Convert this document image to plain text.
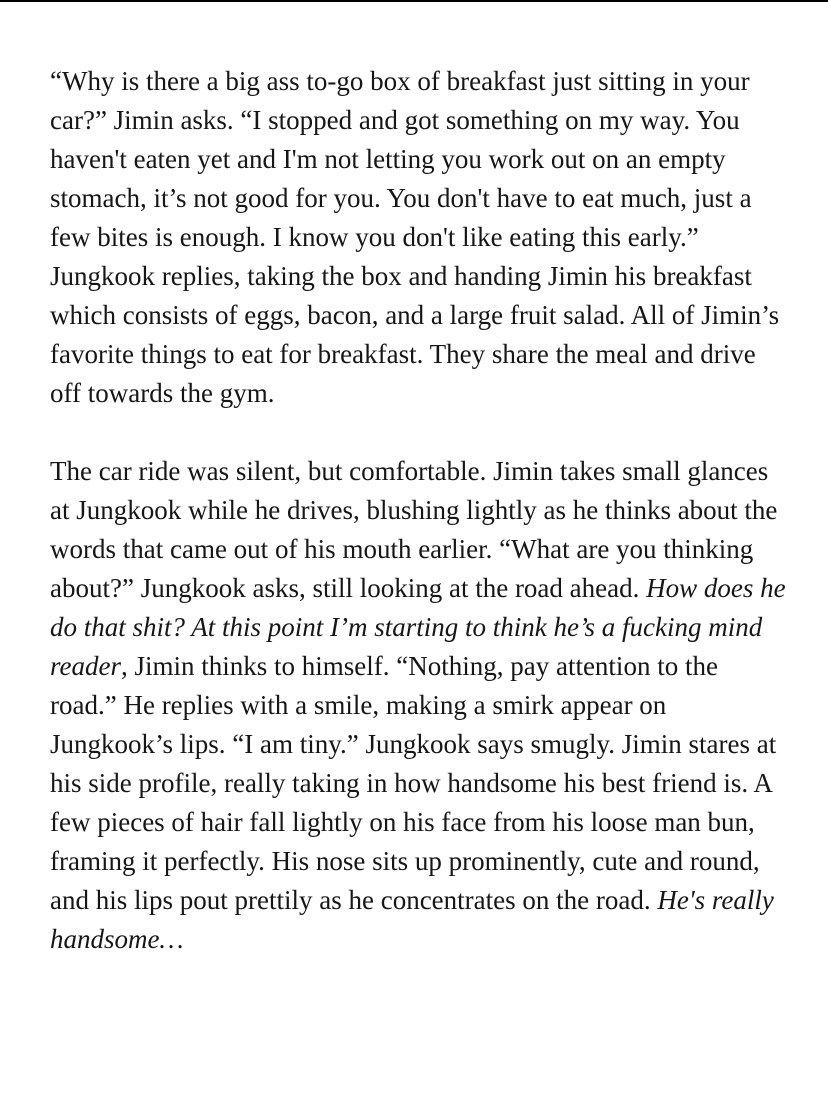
“Why is there a big ass to-go box of breakfast just sitting in your car?” Jimin asks. “I stopped and got something on my way. You haven't eaten yet and I'm not letting you work out on an empty stomach, it’s not good for you. You don't have to eat much, just a few bites is enough. I know you don't like eating this early.” Jungkook replies, taking the box and handing Jimin his breakfast which consists of eggs, bacon, and a large fruit salad. All of Jimin’s favorite things to eat for breakfast. They share the meal and drive off towards the gym.

The car ride was silent, but comfortable. Jimin takes small glances at Jungkook while he drives, blushing lightly as he thinks about the words that came out of his mouth earlier. “What are you thinking about?” Jungkook asks, still looking at the road ahead. How does he do that shit? At this point I’m starting to think he’s a fucking mind reader, Jimin thinks to himself. “Nothing, pay attention to the road.” He replies with a smile, making a smirk appear on Jungkook’s lips. “I am tiny.” Jungkook says smugly. Jimin stares at his side profile, really taking in how handsome his best friend is. A few pieces of hair fall lightly on his face from his loose man bun, framing it perfectly. His nose sits up prominently, cute and round, and his lips pout prettily as he concentrates on the road. He's really handsome…
